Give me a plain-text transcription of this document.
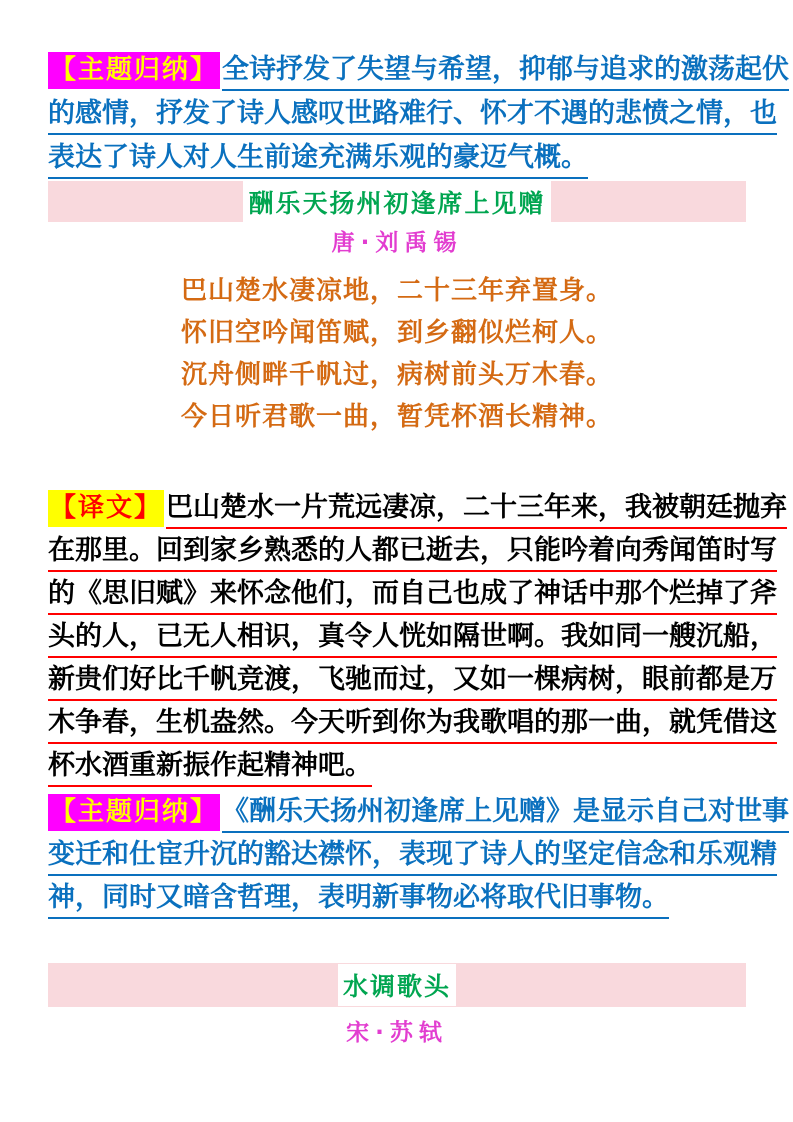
【主题归纳】 全诗抒发了失望与希望，抑郁与追求的激荡起伏
的感情，抒发了诗人感叹世路难行、怀才不遇的悲愤之情，也
表达了诗人对人生前途充满乐观的豪迈气概。
酬乐天扬州初逢席上见赠
唐·刘禹锡
巴山楚水凄凉地，二十三年弃置身。
怀旧空吟闻笛赋，到乡翻似烂柯人。
沉舟侧畔千帆过，病树前头万木春。
今日听君歌一曲，暂凭杯酒长精神。
【译文】 巴山楚水一片荒远凄凉，二十三年来，我被朝廷抛弃
在那里。回到家乡熟悉的人都已逝去，只能吟着向秀闻笛时写
的《思旧赋》来怀念他们，而自己也成了神话中那个烂掉了斧
头的人，已无人相识，真令人恍如隔世啊。我如同一艘沉船，
新贵们好比千帆竞渡，飞驰而过，又如一棵病树，眼前都是万
木争春，生机盎然。今天听到你为我歌唱的那一曲，就凭借这
杯水酒重新振作起精神吧。
【主题归纳】 《酬乐天扬州初逢席上见赠》是显示自己对世事
变迁和仕宦升沉的豁达襟怀，表现了诗人的坚定信念和乐观精
神，同时又暗含哲理，表明新事物必将取代旧事物。
水调歌头
宋·苏轼
